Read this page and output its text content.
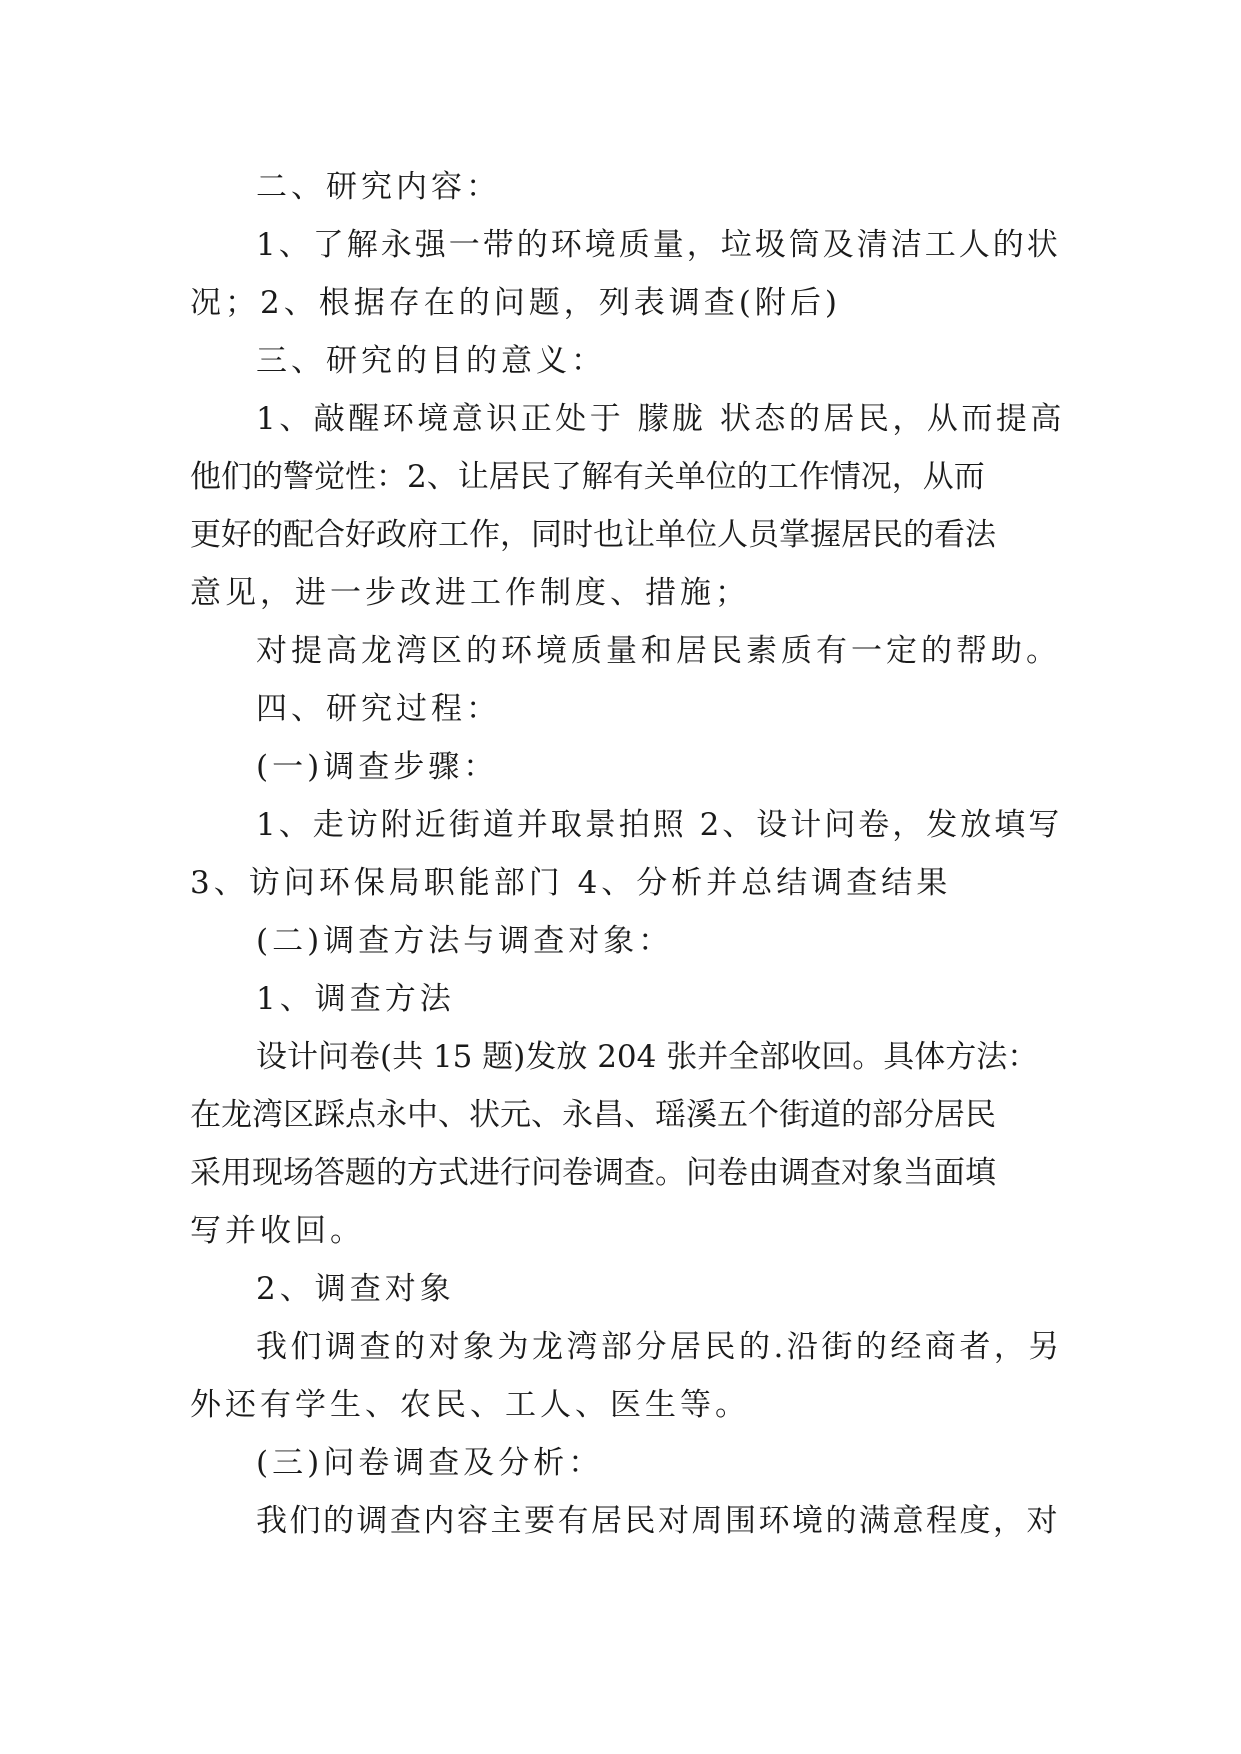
二、研究内容：
1、了解永强一带的环境质量，垃圾筒及清洁工人的状
况；2、根据存在的问题，列表调查(附后)
三、研究的目的意义：
1、敲醒环境意识正处于 朦胧 状态的居民，从而提高
他们的警觉性：2、让居民了解有关单位的工作情况，从而
更好的配合好政府工作，同时也让单位人员掌握居民的看法
意见，进一步改进工作制度、措施；
对提高龙湾区的环境质量和居民素质有一定的帮助。
四、研究过程：
(一)调查步骤：
1、走访附近街道并取景拍照 2、设计问卷，发放填写
3、访问环保局职能部门 4、分析并总结调查结果
(二)调查方法与调查对象：
1、调查方法
设计问卷(共 15 题)发放 204 张并全部收回。具体方法：
在龙湾区踩点永中、状元、永昌、瑶溪五个街道的部分居民
采用现场答题的方式进行问卷调查。问卷由调查对象当面填
写并收回。
2、调查对象
我们调查的对象为龙湾部分居民的.沿街的经商者，另
外还有学生、农民、工人、医生等。
(三)问卷调查及分析：
我们的调查内容主要有居民对周围环境的满意程度，对
